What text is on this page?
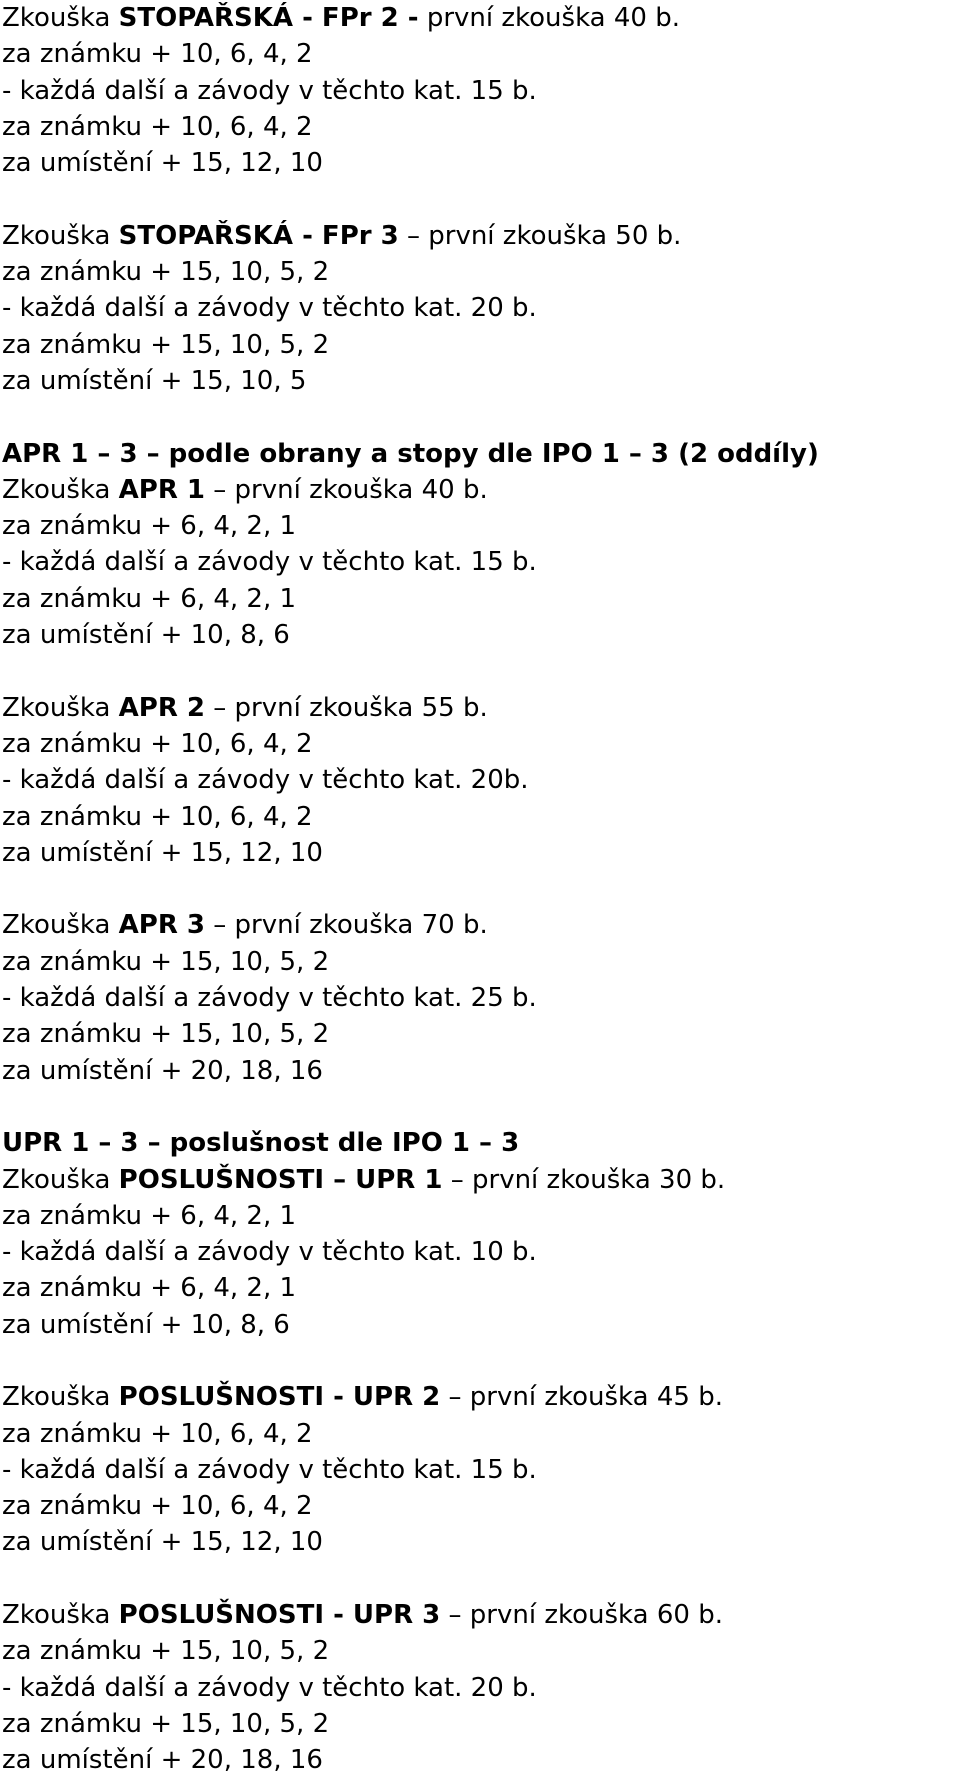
Zkouška STOPAŘSKÁ - FPr 2 - první zkouška 40 b.
za známku + 10, 6, 4, 2
- každá další a závody v těchto kat. 15 b.
za známku + 10, 6, 4, 2
za umístění + 15, 12, 10
Zkouška STOPAŘSKÁ - FPr 3 – první zkouška 50 b.
za známku + 15, 10, 5, 2
- každá další a závody v těchto kat. 20 b.
za známku + 15, 10, 5, 2
za umístění + 15, 10, 5
APR 1 – 3 – podle obrany a stopy dle IPO 1 – 3 (2 oddíly)
Zkouška APR 1 – první zkouška 40 b.
za známku + 6, 4, 2, 1
- každá další a závody v těchto kat. 15 b.
za známku + 6, 4, 2, 1
za umístění + 10, 8, 6
Zkouška APR 2 – první zkouška 55 b.
za známku + 10, 6, 4, 2
- každá další a závody v těchto kat. 20b.
za známku + 10, 6, 4, 2
za umístění + 15, 12, 10
Zkouška APR 3 – první zkouška 70 b.
za známku + 15, 10, 5, 2
- každá další a závody v těchto kat. 25 b.
za známku + 15, 10, 5, 2
za umístění + 20, 18, 16
UPR 1 – 3 – poslušnost dle IPO 1 – 3
Zkouška POSLUŠNOSTI – UPR 1 – první zkouška 30 b.
za známku + 6, 4, 2, 1
- každá další a závody v těchto kat. 10 b.
za známku + 6, 4, 2, 1
za umístění + 10, 8, 6
Zkouška POSLUŠNOSTI - UPR 2 – první zkouška 45 b.
za známku + 10, 6, 4, 2
- každá další a závody v těchto kat. 15 b.
za známku + 10, 6, 4, 2
za umístění + 15, 12, 10
Zkouška POSLUŠNOSTI - UPR 3 – první zkouška 60 b.
za známku + 15, 10, 5, 2
- každá další a závody v těchto kat. 20 b.
za známku + 15, 10, 5, 2
za umístění + 20, 18, 16
